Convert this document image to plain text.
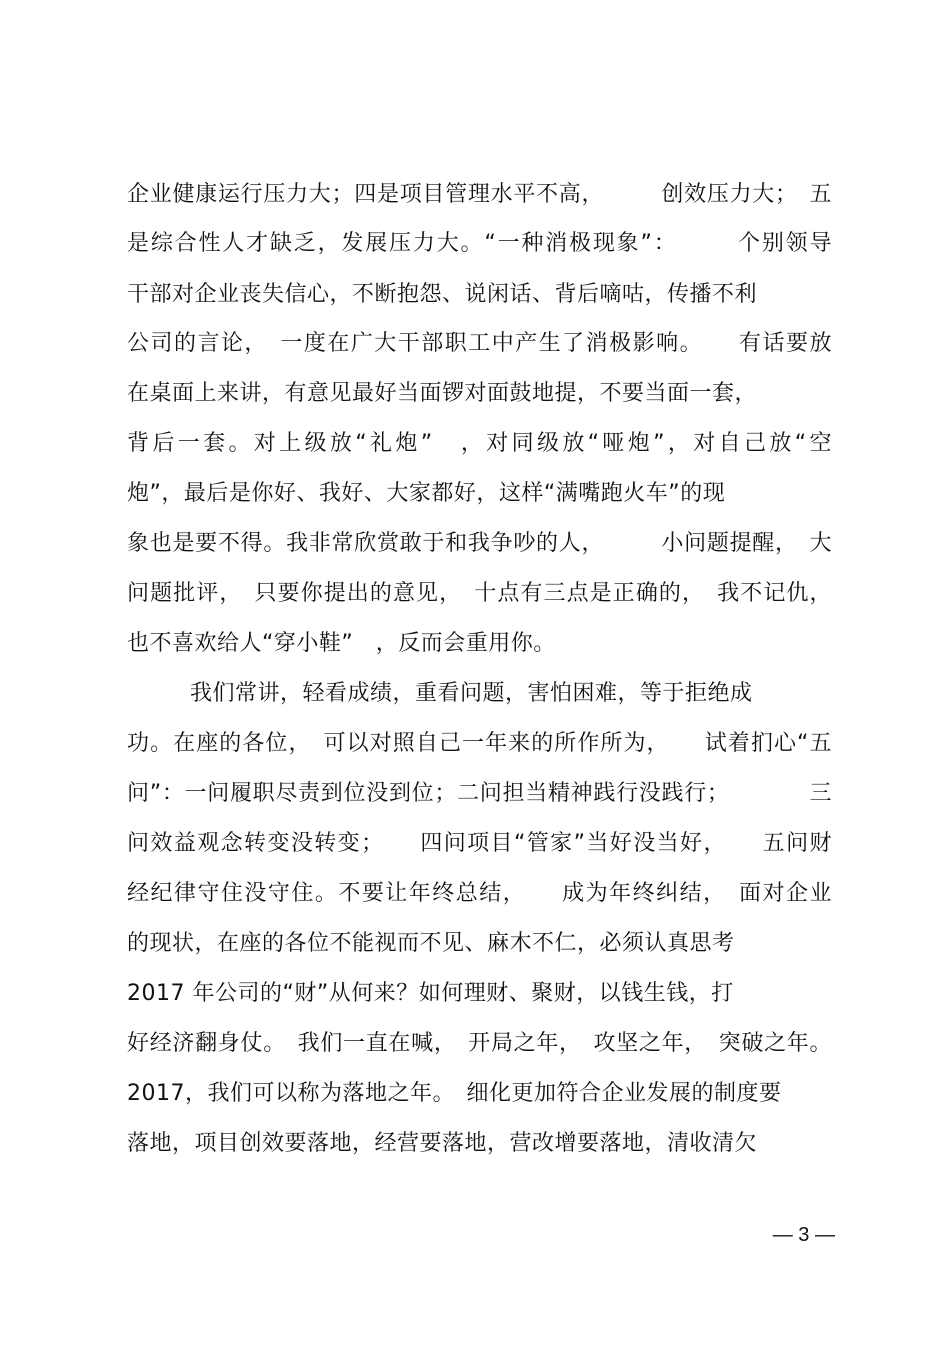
企业健康运行压力大；四是项目管理水平不高，　　　创效压力大；　五
是综合性人才缺乏，发展压力大。“一种消极现象”：　　　个别领导
干部对企业丧失信心，不断抱怨、说闲话、背后嘀咕，传播不利
公司的言论，　一度在广大干部职工中产生了消极影响。　　有话要放
在桌面上来讲，有意见最好当面锣对面鼓地提，不要当面一套，
背后一套。对上级放“礼炮”　，对同级放“哑炮”，对自己放“空
炮”，最后是你好、我好、大家都好，这样“满嘴跑火车”的现
象也是要不得。我非常欣赏敢于和我争吵的人，　　　小问题提醒，　大
问题批评，　只要你提出的意见，　十点有三点是正确的，　我不记仇，
也不喜欢给人“穿小鞋”　，反而会重用你。
我们常讲，轻看成绩，重看问题，害怕困难，等于拒绝成
功。在座的各位，　可以对照自己一年来的所作所为，　　试着扪心“五
问”：一问履职尽责到位没到位；二问担当精神践行没践行；　　　　三
问效益观念转变没转变；　　四问项目“管家”当好没当好，　　五问财
经纪律守住没守住。不要让年终总结，　　成为年终纠结，　面对企业
的现状，在座的各位不能视而不见、麻木不仁，必须认真思考
2017 年公司的“财”从何来？如何理财、聚财，以钱生钱，打
好经济翻身仗。　我们一直在喊，　开局之年，　攻坚之年，　突破之年。
2017，我们可以称为落地之年。　细化更加符合企业发展的制度要
落地，项目创效要落地，经营要落地，营改增要落地，清收清欠
— 3 —
